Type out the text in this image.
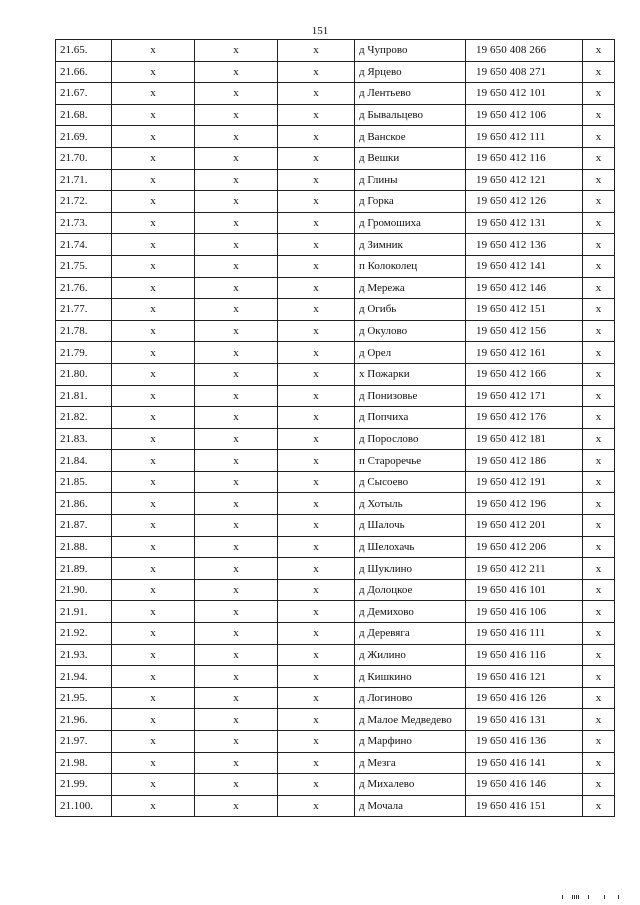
151
21.65.	x	x	x	д Чупрово	19 650 408 266	x
21.66.	x	x	x	д Ярцево	19 650 408 271	x
21.67.	x	x	x	д Лентьево	19 650 412 101	x
21.68.	x	x	x	д Бывальцево	19 650 412 106	x
21.69.	x	x	x	д Ванское	19 650 412 111	x
21.70.	x	x	x	д Вешки	19 650 412 116	x
21.71.	x	x	x	д Глины	19 650 412 121	x
21.72.	x	x	x	д Горка	19 650 412 126	x
21.73.	x	x	x	д Громошиха	19 650 412 131	x
21.74.	x	x	x	д Зимник	19 650 412 136	x
21.75.	x	x	x	п Колоколец	19 650 412 141	x
21.76.	x	x	x	д Мережа	19 650 412 146	x
21.77.	x	x	x	д Огибь	19 650 412 151	x
21.78.	x	x	x	д Окулово	19 650 412 156	x
21.79.	x	x	x	д Орел	19 650 412 161	x
21.80.	x	x	x	х Пожарки	19 650 412 166	x
21.81.	x	x	x	д Понизовье	19 650 412 171	x
21.82.	x	x	x	д Попчиха	19 650 412 176	x
21.83.	x	x	x	д Порослово	19 650 412 181	x
21.84.	x	x	x	п Староречье	19 650 412 186	x
21.85.	x	x	x	д Сысоево	19 650 412 191	x
21.86.	x	x	x	д Хотыль	19 650 412 196	x
21.87.	x	x	x	д Шалочь	19 650 412 201	x
21.88.	x	x	x	д Шелохачь	19 650 412 206	x
21.89.	x	x	x	д Шуклино	19 650 412 211	x
21.90.	x	x	x	д Долоцкое	19 650 416 101	x
21.91.	x	x	x	д Демихово	19 650 416 106	x
21.92.	x	x	x	д Деревяга	19 650 416 111	x
21.93.	x	x	x	д Жилино	19 650 416 116	x
21.94.	x	x	x	д Кишкино	19 650 416 121	x
21.95.	x	x	x	д Логиново	19 650 416 126	x
21.96.	x	x	x	д Малое Медведево	19 650 416 131	x
21.97.	x	x	x	д Марфино	19 650 416 136	x
21.98.	x	x	x	д Мезга	19 650 416 141	x
21.99.	x	x	x	д Михалево	19 650 416 146	x
21.100.	x	x	x	д Мочала	19 650 416 151	x
